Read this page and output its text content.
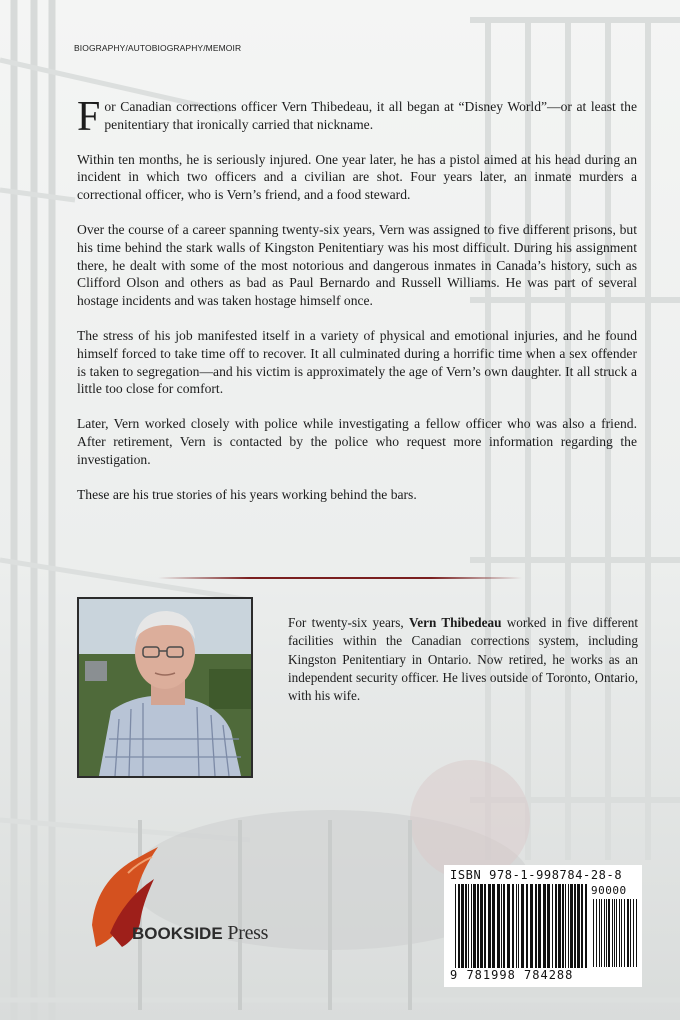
BIOGRAPHY/AUTOBIOGRAPHY/MEMOIR

For Canadian corrections officer Vern Thibedeau, it all began at “Disney World”—or at least the penitentiary that ironically carried that nickname.

Within ten months, he is seriously injured. One year later, he has a pistol aimed at his head during an incident in which two officers and a civilian are shot. Four years later, an inmate murders a correctional officer, who is Vern’s friend, and a food steward.

Over the course of a career spanning twenty-six years, Vern was assigned to five different prisons, but his time behind the stark walls of Kingston Penitentiary was his most difficult. During his assignment there, he dealt with some of the most notorious and dangerous inmates in Canada’s history, such as Clifford Olson and others as bad as Paul Bernardo and Russell Williams. He was part of several hostage incidents and was taken hostage himself once.

The stress of his job manifested itself in a variety of physical and emotional injuries, and he found himself forced to take time off to recover. It all culminated during a horrific time when a sex offender is taken to segregation—and his victim is approximately the age of Vern’s own daughter. It all struck a little too close for comfort.

Later, Vern worked closely with police while investigating a fellow officer who was also a friend. After retirement, Vern is contacted by the police who request more information regarding the investigation.

These are his true stories of his years working behind the bars.

For twenty-six years, Vern Thibedeau worked in five different facilities within the Canadian corrections system, including Kingston Penitentiary in Ontario. Now retired, he works as an independent security officer. He lives outside of Toronto, Ontario, with his wife.
BOOKSIDE Press
ISBN 978-1-998784-28-8
90000
9 781998 784288
